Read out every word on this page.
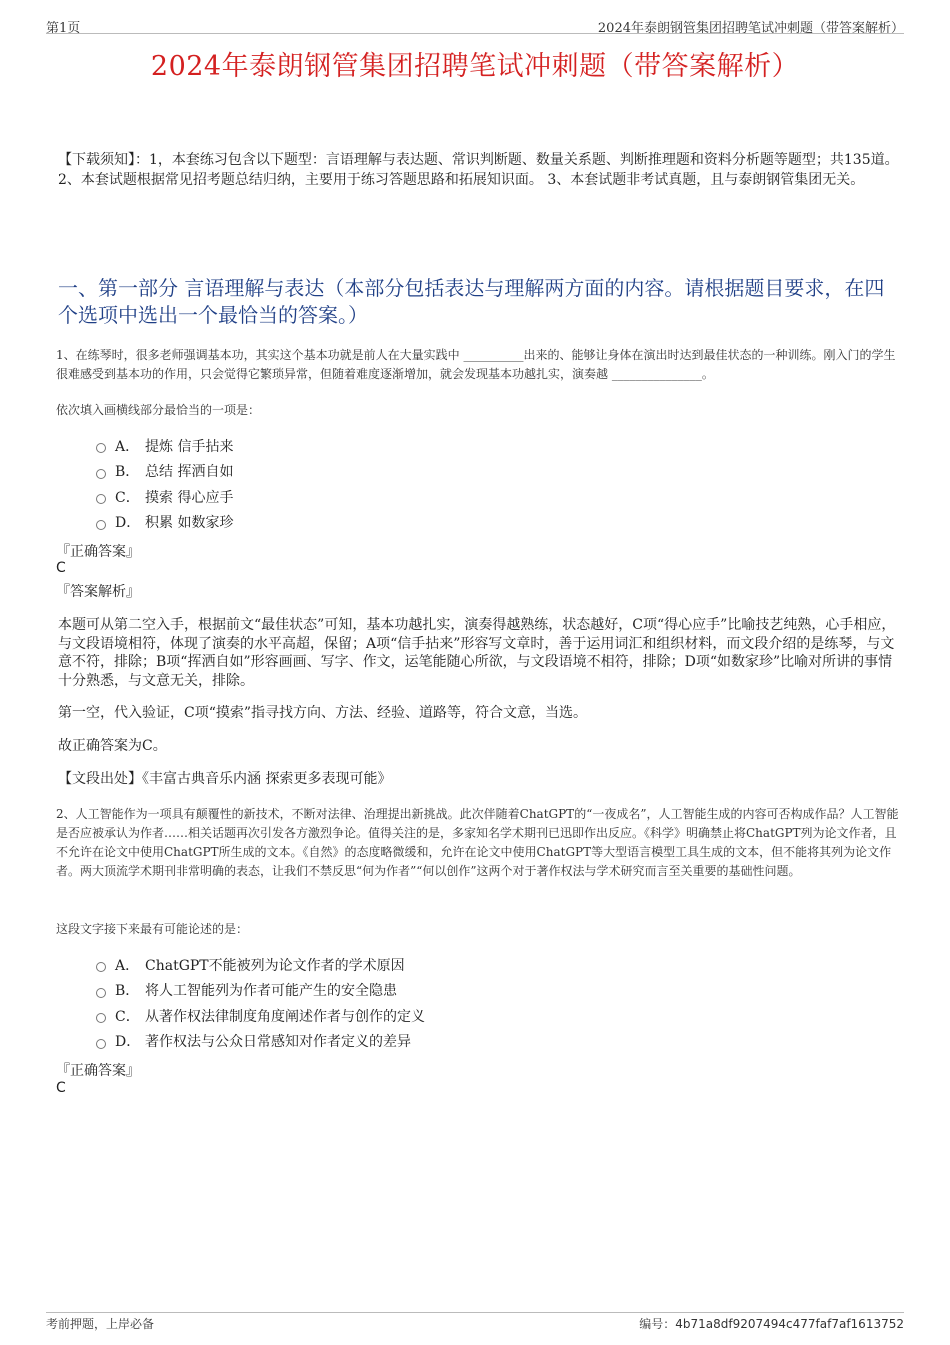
第1页	2024年泰朗钢管集团招聘笔试冲刺题（带答案解析）
2024年泰朗钢管集团招聘笔试冲刺题（带答案解析）
【下载须知】：1，本套练习包含以下题型：言语理解与表达题、常识判断题、数量关系题、判断推理题和资料分析题等题型；共135道。 2、本套试题根据常见招考题总结归纳，主要用于练习答题思路和拓展知识面。 3、本套试题非考试真题，且与泰朗钢管集团无关。
一、第一部分 言语理解与表达（本部分包括表达与理解两方面的内容。请根据题目要求，在四个选项中选出一个最恰当的答案。）
1、在练琴时，很多老师强调基本功，其实这个基本功就是前人在大量实践中 __________出来的、能够让身体在演出时达到最佳状态的一种训练。刚入门的学生很难感受到基本功的作用，只会觉得它繁琐异常，但随着难度逐渐增加，就会发现基本功越扎实，演奏越 _______________。
依次填入画横线部分最恰当的一项是：
A． 提炼 信手拈来
B． 总结 挥洒自如
C． 摸索 得心应手
D． 积累 如数家珍
『正确答案』
C
『答案解析』
本题可从第二空入手，根据前文“最佳状态”可知，基本功越扎实，演奏得越熟练，状态越好，C项“得心应手”比喻技艺纯熟，心手相应，与文段语境相符，体现了演奏的水平高超，保留；A项“信手拈来”形容写文章时，善于运用词汇和组织材料，而文段介绍的是练琴，与文意不符，排除；B项“挥洒自如”形容画画、写字、作文，运笔能随心所欲，与文段语境不相符，排除；D项“如数家珍”比喻对所讲的事情十分熟悉，与文意无关，排除。
第一空，代入验证，C项“摸索”指寻找方向、方法、经验、道路等，符合文意，当选。
故正确答案为C。
【文段出处】《丰富古典音乐内涵 探索更多表现可能》
2、人工智能作为一项具有颠覆性的新技术，不断对法律、治理提出新挑战。此次伴随着ChatGPT的“一夜成名”，人工智能生成的内容可否构成作品？人工智能是否应被承认为作者……相关话题再次引发各方激烈争论。值得关注的是，多家知名学术期刊已迅即作出反应。《科学》明确禁止将ChatGPT列为论文作者，且不允许在论文中使用ChatGPT所生成的文本。《自然》的态度略微缓和，允许在论文中使用ChatGPT等大型语言模型工具生成的文本，但不能将其列为论文作者。两大顶流学术期刊非常明确的表态，让我们不禁反思“何为作者”“何以创作”这两个对于著作权法与学术研究而言至关重要的基础性问题。
这段文字接下来最有可能论述的是：
A． ChatGPT不能被列为论文作者的学术原因
B． 将人工智能列为作者可能产生的安全隐患
C． 从著作权法律制度角度阐述作者与创作的定义
D． 著作权法与公众日常感知对作者定义的差异
『正确答案』
C
考前押题，上岸必备	编号：4b71a8df9207494c477faf7af1613752
